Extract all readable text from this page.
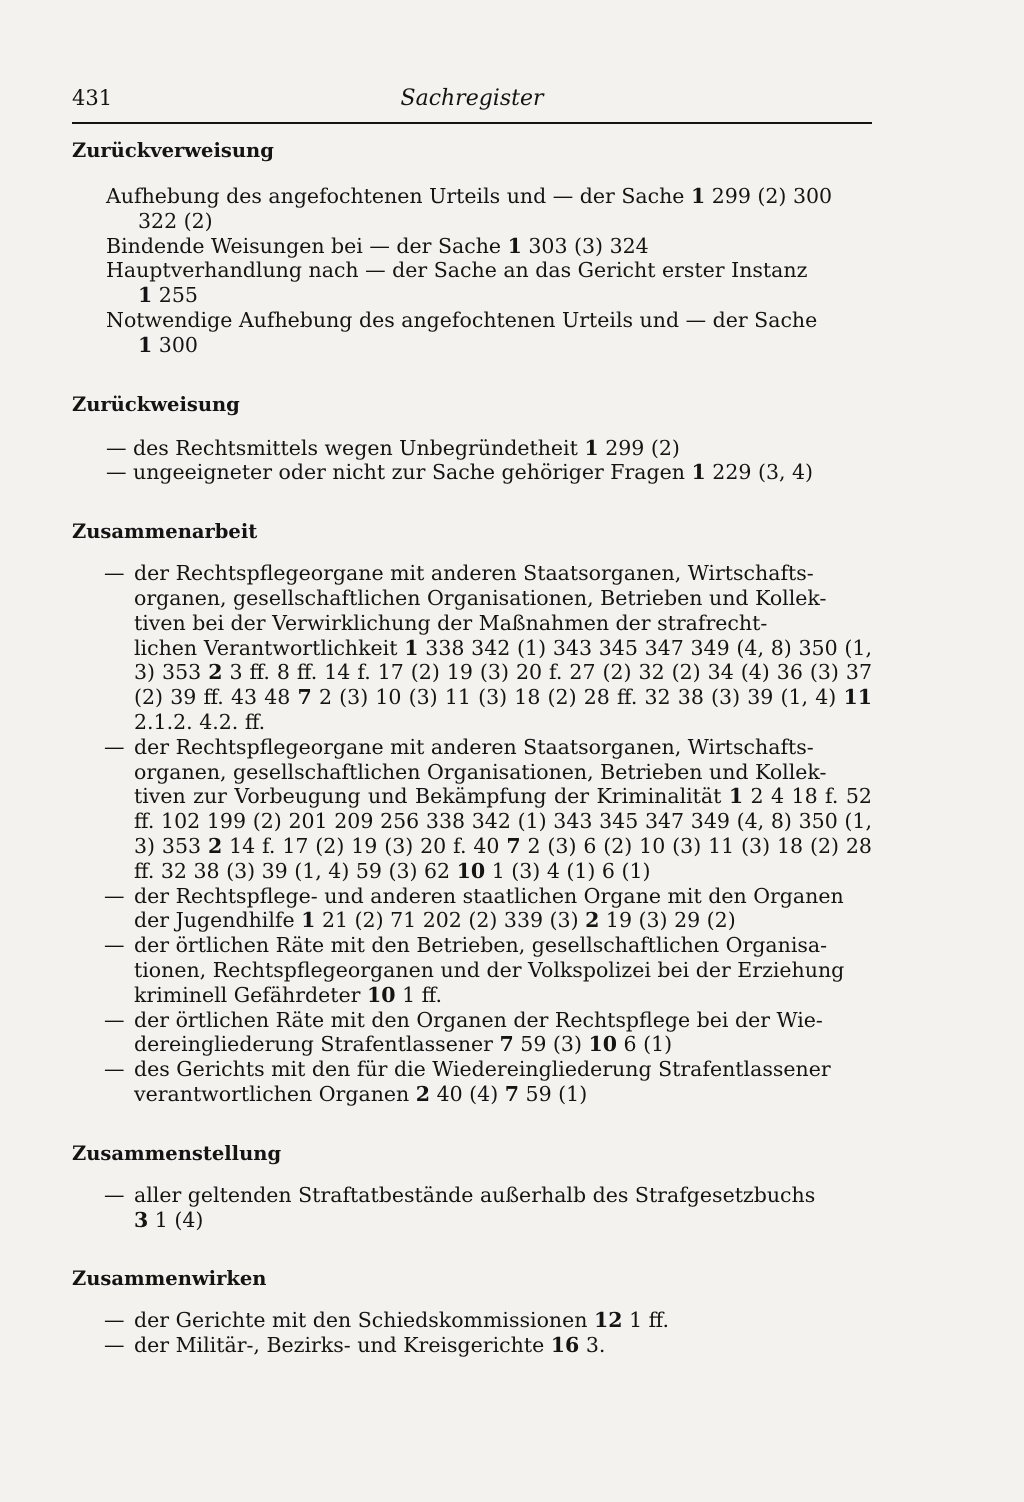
431	Sachregister
Zurückverweisung
Aufhebung des angefochtenen Urteils und — der Sache 1 299 (2) 300
322 (2)
Bindende Weisungen bei — der Sache 1 303 (3) 324
Hauptverhandlung nach — der Sache an das Gericht erster Instanz
1 255
Notwendige Aufhebung des angefochtenen Urteils und — der Sache
1 300
Zurückweisung
— des Rechtsmittels wegen Unbegründetheit 1 299 (2)
— ungeeigneter oder nicht zur Sache gehöriger Fragen 1 229 (3, 4)
Zusammenarbeit
— der Rechtspflegeorgane mit anderen Staatsorganen, Wirtschafts-
organen, gesellschaftlichen Organisationen, Betrieben und Kollek-
tiven bei der Verwirklichung der Maßnahmen der strafrecht-
lichen Verantwortlichkeit 1 338 342 (1) 343 345 347 349 (4, 8) 350 (1, 3) 353 2 3 ff. 8 ff. 14 f. 17 (2) 19 (3) 20 f. 27 (2) 32 (2) 34 (4) 36 (3) 37 (2) 39 ff. 43 48 7 2 (3) 10 (3) 11 (3) 18 (2) 28 ff. 32 38 (3) 39 (1, 4) 11 2.1.2. 4.2. ff.
— der Rechtspflegeorgane mit anderen Staatsorganen, Wirtschafts-
organen, gesellschaftlichen Organisationen, Betrieben und Kollek-
tiven zur Vorbeugung und Bekämpfung der Kriminalität 1 2 4 18 f. 52 ff. 102 199 (2) 201 209 256 338 342 (1) 343 345 347 349 (4, 8) 350 (1, 3) 353 2 14 f. 17 (2) 19 (3) 20 f. 40 7 2 (3) 6 (2) 10 (3) 11 (3) 18 (2) 28 ff. 32 38 (3) 39 (1, 4) 59 (3) 62 10 1 (3) 4 (1) 6 (1)
— der Rechtspflege- und anderen staatlichen Organe mit den Organen
der Jugendhilfe 1 21 (2) 71 202 (2) 339 (3) 2 19 (3) 29 (2)
— der örtlichen Räte mit den Betrieben, gesellschaftlichen Organisa-
tionen, Rechtspflegeorganen und der Volkspolizei bei der Erziehung
kriminell Gefährdeter 10 1 ff.
— der örtlichen Räte mit den Organen der Rechtspflege bei der Wie-
dereingliederung Strafentlassener 7 59 (3) 10 6 (1)
— des Gerichts mit den für die Wiedereingliederung Strafentlassener
verantwortlichen Organen 2 40 (4) 7 59 (1)
Zusammenstellung
— aller geltenden Straftatbestände außerhalb des Strafgesetzbuchs
3 1 (4)
Zusammenwirken
— der Gerichte mit den Schiedskommissionen 12 1 ff.
— der Militär-, Bezirks- und Kreisgerichte 16 3.
